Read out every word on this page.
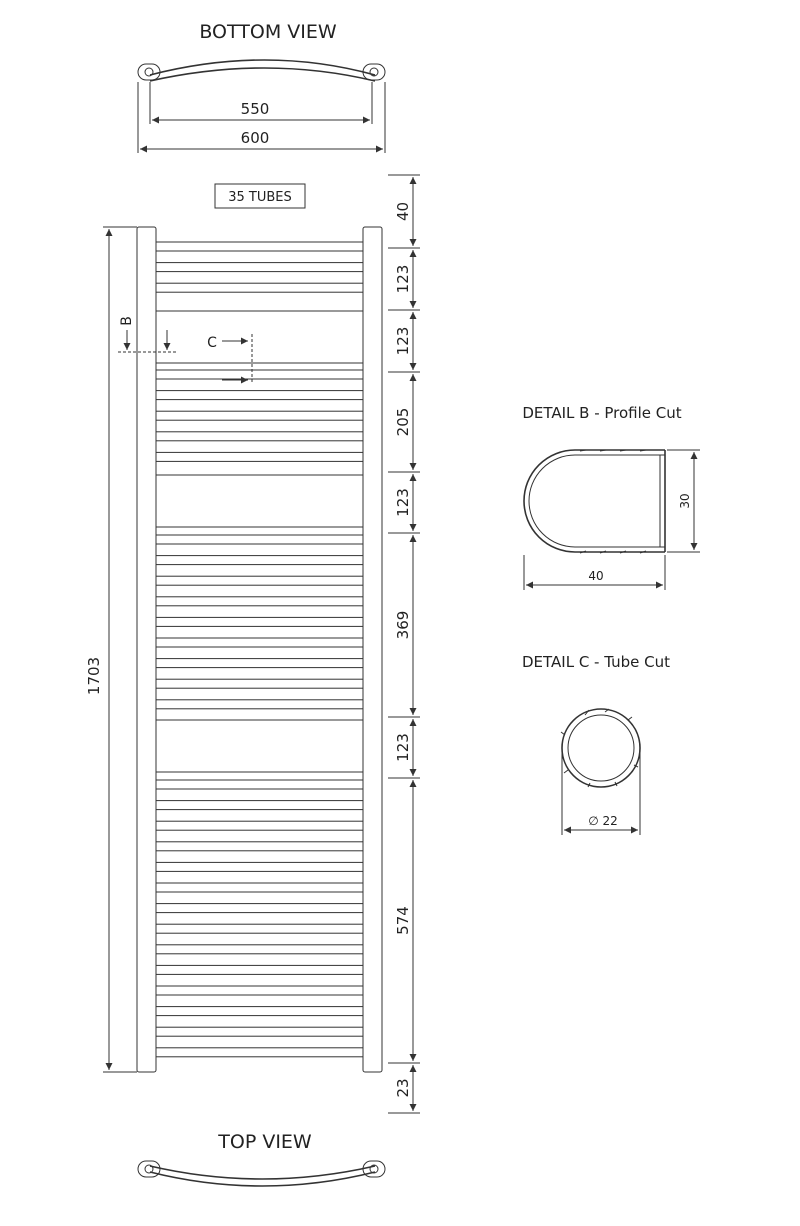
BOTTOM VIEW
550
600
35 TUBES
1703
B
C
40
123
123
205
123
369
123
574
23
TOP VIEW
DETAIL B - Profile Cut
30
40
DETAIL C - Tube Cut
∅ 22
